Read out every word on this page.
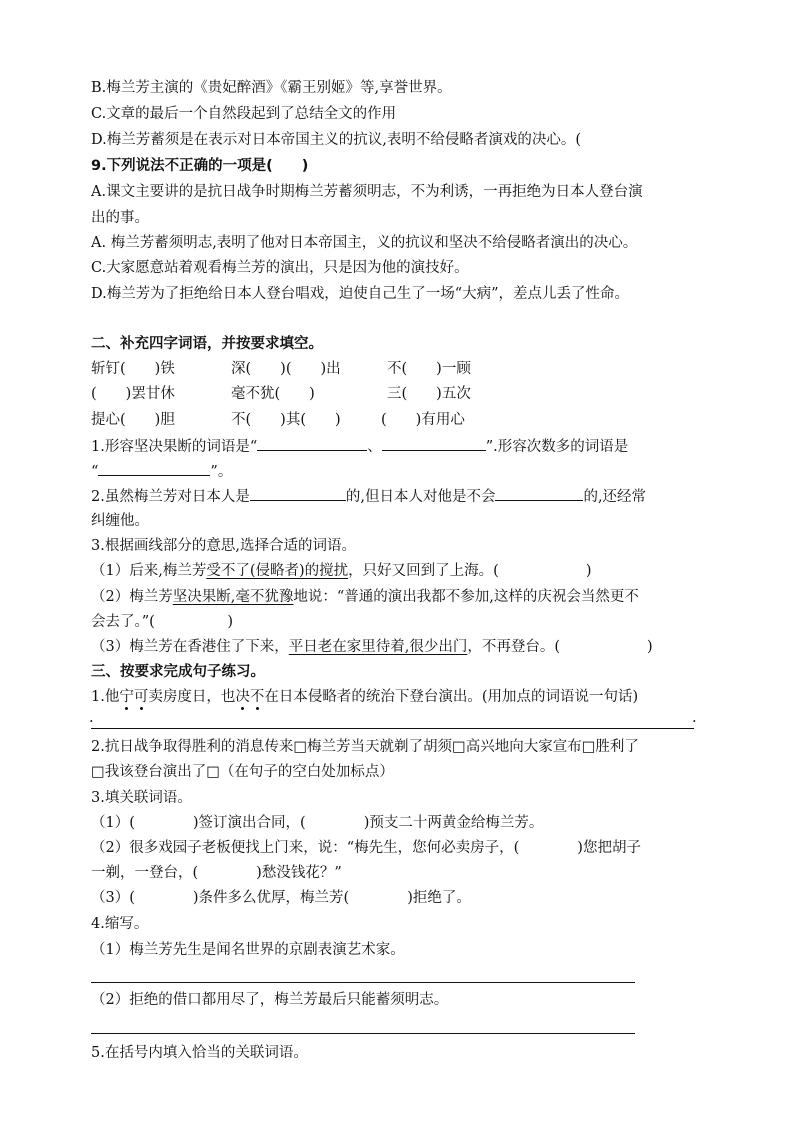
B.梅兰芳主演的《贵妃醉酒》《霸王别姬》等,享誉世界。
C.文章的最后一个自然段起到了总结全文的作用
D.梅兰芳蓄须是在表示对日本帝国主义的抗议,表明不给侵略者演戏的决心。(
9.下列说法不正确的一项是(　　)
A.课文主要讲的是抗日战争时期梅兰芳蓄须明志，不为利诱，一再拒绝为日本人登台演
出的事。
A. 梅兰芳蓄须明志,表明了他对日本帝国主，义的抗议和坚决不给侵略者演出的决心。
C.大家愿意站着观看梅兰芳的演出，只是因为他的演技好。
D.梅兰芳为了拒绝给日本人登台唱戏，迫使自己生了一场“大病”，差点儿丢了性命。
二、补充四字词语，并按要求填空。
斩钉(　　)铁	深(　　)(　　)出	不(　　)一顾
(　　)罢甘休	毫不犹(　　)	三(　　)五次
提心(　　)胆	不(　　)其(　　)	(　　)有用心
1.形容坚决果断的词语是“	、	”.形容次数多的词语是
“	”。
2.虽然梅兰芳对日本人是	的,但日本人对他是不会	的,还经常
纠缠他。
3.根据画线部分的意思,选择合适的词语。
（1）后来,梅兰芳受不了(侵略者)的搅扰，只好又回到了上海。(　　　　　　)
（2）梅兰芳坚决果断,毫不犹豫地说：“普通的演出我都不参加,这样的庆祝会当然更不
会去了。”(　　　　　)
（3）梅兰芳在香港住了下来，平日老在家里待着,很少出门，不再登台。(　　　　　　)
三、按要求完成句子练习。
1.他宁可卖房度日，也决不在日本侵略者的统治下登台演出。(用加点的词语说一句话)
.	.
2.抗日战争取得胜利的消息传来□梅兰芳当天就剃了胡须□高兴地向大家宣布□胜利了
□我该登台演出了□（在句子的空白处加标点）
3.填关联词语。
（1）(　　　　)签订演出合同，(　　　　)预支二十两黄金给梅兰芳。
（2）很多戏园子老板便找上门来，说：“梅先生，您何必卖房子，(　　　　)您把胡子
一剃，一登台，(　　　　)愁没钱花？”
（3）(　　　　)条件多么优厚，梅兰芳(　　　　)拒绝了。
4.缩写。
（1）梅兰芳先生是闻名世界的京剧表演艺术家。
（2）拒绝的借口都用尽了，梅兰芳最后只能蓄须明志。
5.在括号内填入恰当的关联词语。
